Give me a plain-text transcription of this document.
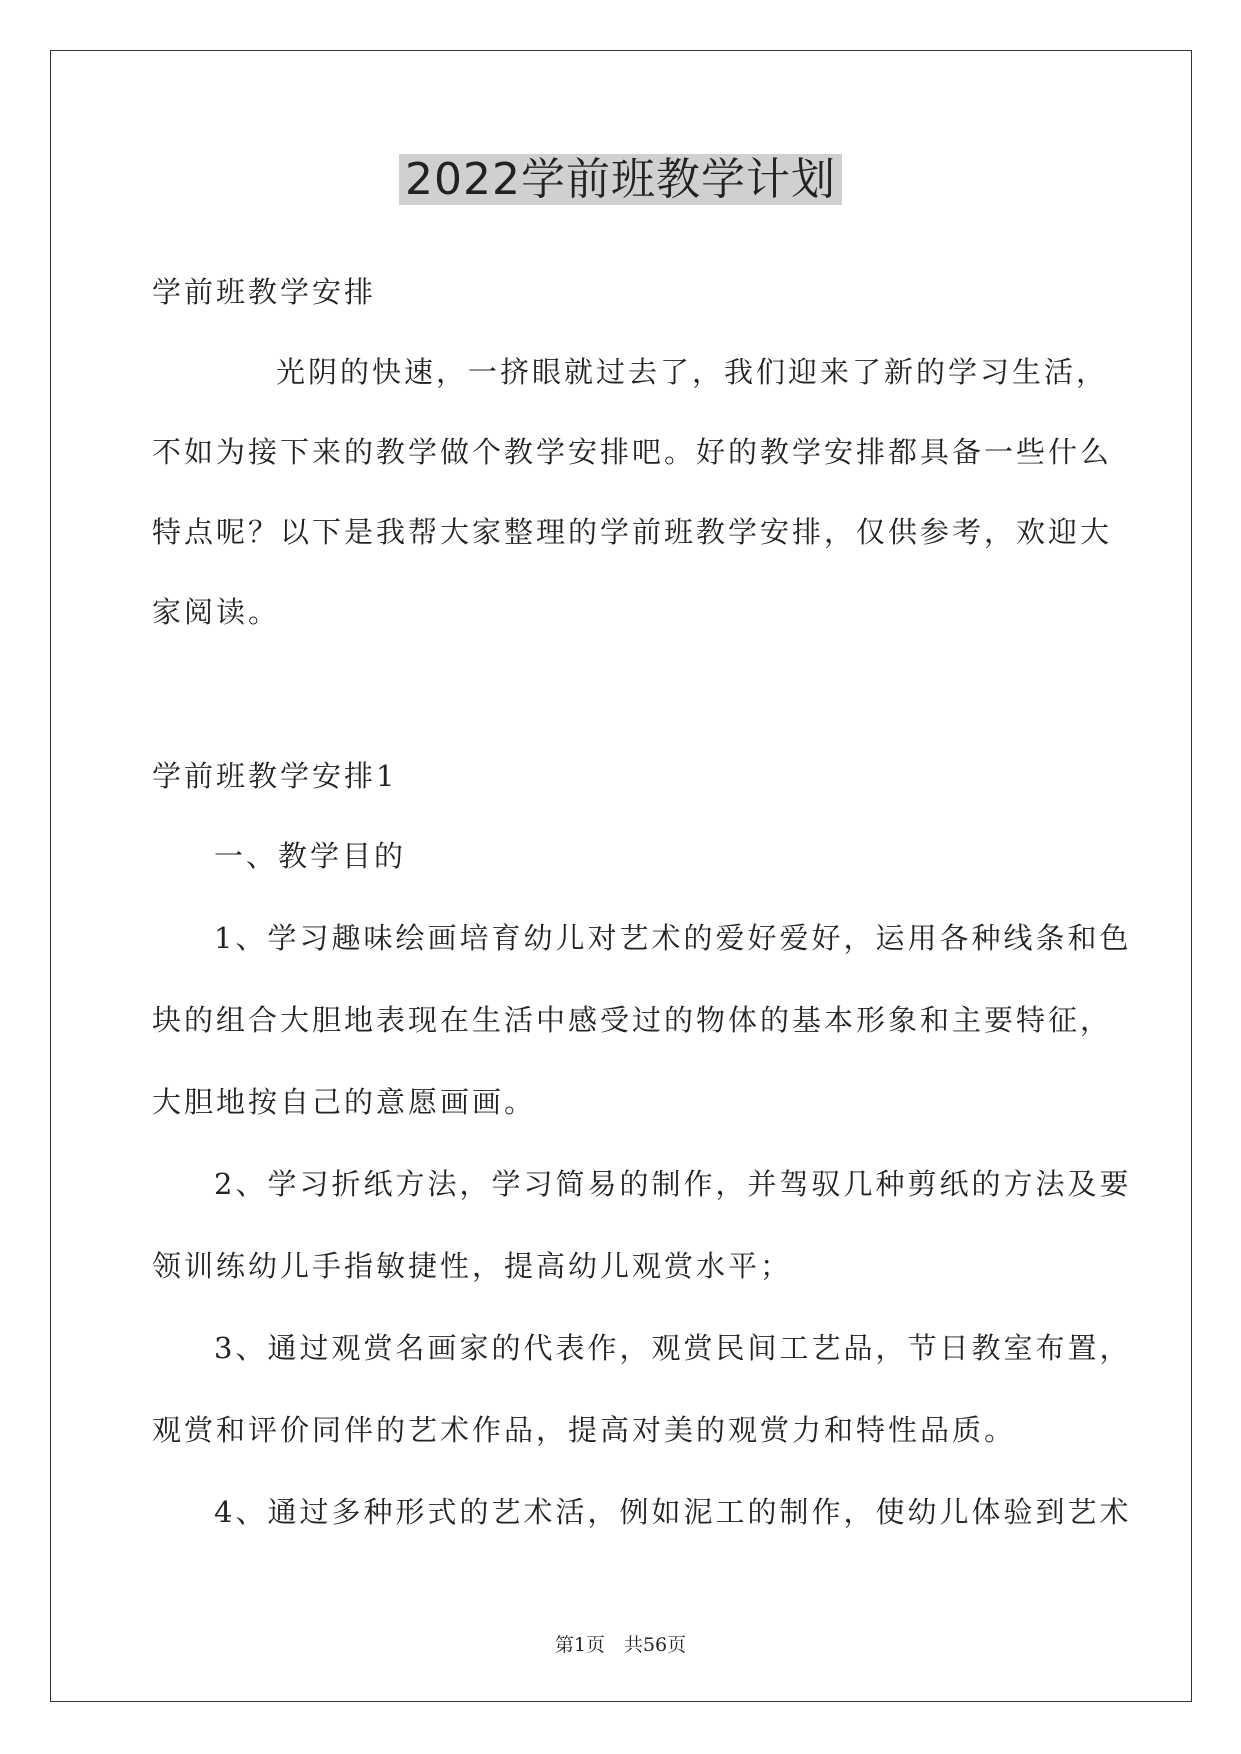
2022学前班教学计划
学前班教学安排
光阴的快速，一挤眼就过去了，我们迎来了新的学习生活，
不如为接下来的教学做个教学安排吧。好的教学安排都具备一些什么
特点呢？以下是我帮大家整理的学前班教学安排，仅供参考，欢迎大
家阅读。
学前班教学安排1
一、教学目的
1、学习趣味绘画培育幼儿对艺术的爱好爱好，运用各种线条和色
块的组合大胆地表现在生活中感受过的物体的基本形象和主要特征，
大胆地按自己的意愿画画。
2、学习折纸方法，学习简易的制作，并驾驭几种剪纸的方法及要
领训练幼儿手指敏捷性，提高幼儿观赏水平；
3、通过观赏名画家的代表作，观赏民间工艺品，节日教室布置，
观赏和评价同伴的艺术作品，提高对美的观赏力和特性品质。
4、通过多种形式的艺术活，例如泥工的制作，使幼儿体验到艺术
第1页　共56页
